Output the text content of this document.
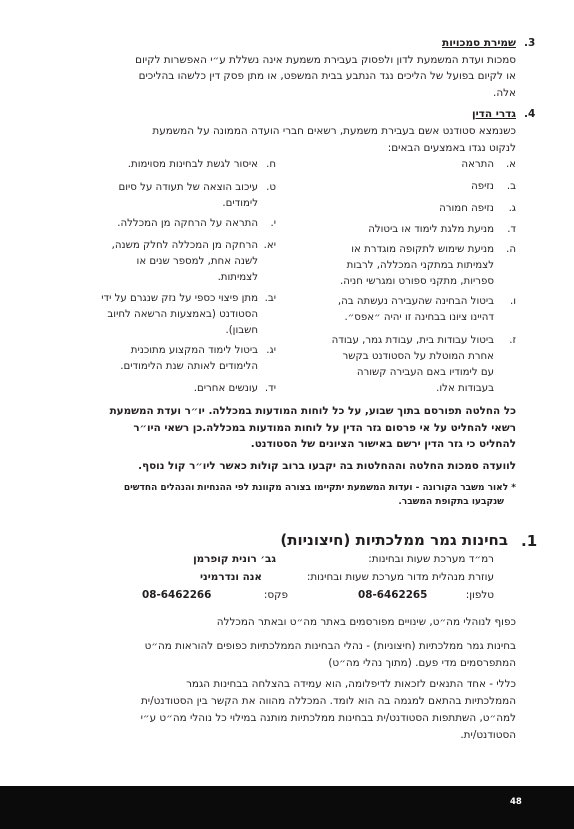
3.
שמירת סמכויות
סמכות ועדת המשמעת לדון ולפסוק בעבירת משמעת אינה נשללת ע״י האפשרות לקיום
או לקיום בפועל של הליכים נגד הנתבע בבית המשפט, או מתן פסק דין כלשהו בהליכים
אלה.
4.
גדרי הדין
כשנמצא סטודנט אשם בעבירת משמעת, רשאים חברי הועדה הממונה על המשמעת
לנקוט נגדו באמצעים הבאים:
א.
התראה
ב.
נזיפה
ג.
נזיפה חמורה
ד.
מניעת מלגת לימוד או ביטולה
ה.
מניעת שימוש לתקופה מוגדרת או
לצמיתות במתקני המכללה, לרבות
ספריות, מתקני ספורט ומגרשי חניה.
ו.
ביטול הבחינה שהעבירה נעשתה בה,
דהיינו ציונו בבחינה זו יהיה ״אפס״.
ז.
ביטול עבודות בית, עבודת גמר, עבודה
אחרת המוטלת על הסטודנט בקשר
עם לימודיו באם העבירה קשורה
בעבודות אלו.
ח.
איסור לגשת לבחינות מסוימות.
ט.
עיכוב הוצאה של תעודה על סיום
לימודים.
י.
התראה על הרחקה מן המכללה.
יא.
הרחקה מן המכללה לחלק משנה,
לשנה אחת, למספר שנים או
לצמיתות.
יב.
מתן פיצוי כספי על נזק שנגרם על ידי
הסטודנט (באמצעות הרשאה לחיוב
חשבון).
יג.
ביטול לימוד המקצוע מתוכנית
הלימודים לאותה שנת הלימודים.
יד.
עונשים אחרים.
כל החלטה תפורסם בתוך שבוע, על כל לוחות המודעות במכללה. יו״ר ועדת המשמעת
רשאי להחליט על אי פרסום גזר הדין על לוחות המודעות במכללה.כן רשאי היו״ר
להחליט כי גזר הדין ירשם באישור הציונים של הסטודנט.
לוועדה סמכות החלטה וההחלטות בה יקבעו ברוב קולות כאשר ליו״ר קול נוסף.
* לאור משבר הקורונה - ועדות המשמעת יתקיימו בצורה מקוונת לפי ההנחיות והנהלים החדשים
שנקבעו בתקופת המשבר.
1.
בחינות גמר ממלכתיות (חיצוניות)
רמ״ד מערכת שעות ובחינות:
גב׳ רונית קופרמן
עוזרת מנהלית מדור מערכת שעות ובחינות:
אנה ונדרמיני
טלפון:
08-6462265
פקס:
08-6462266
כפוף לנוהלי מה״ט, שינויים מפורסמים באתר מה״ט ובאתר המכללה
בחינות גמר ממלכתיות (חיצוניות) - נהלי הבחינות הממלכתיות כפופים להוראות מה״ט
המתפרסמים מדי פעם. (מתוך נהלי מה״ט)
כללי - אחד התנאים לזכאות לדיפלומה, הוא עמידה בהצלחה בבחינות הגמר
הממלכתיות בהתאם למגמה בה הוא לומד. המכללה מהווה את הקשר בין הסטודנט/ית
למה״ט, השתתפות הסטודנט/ית בבחינות ממלכתיות מותנה במילוי כל נוהלי מה״ט ע״י
הסטודנט/ית.
48
